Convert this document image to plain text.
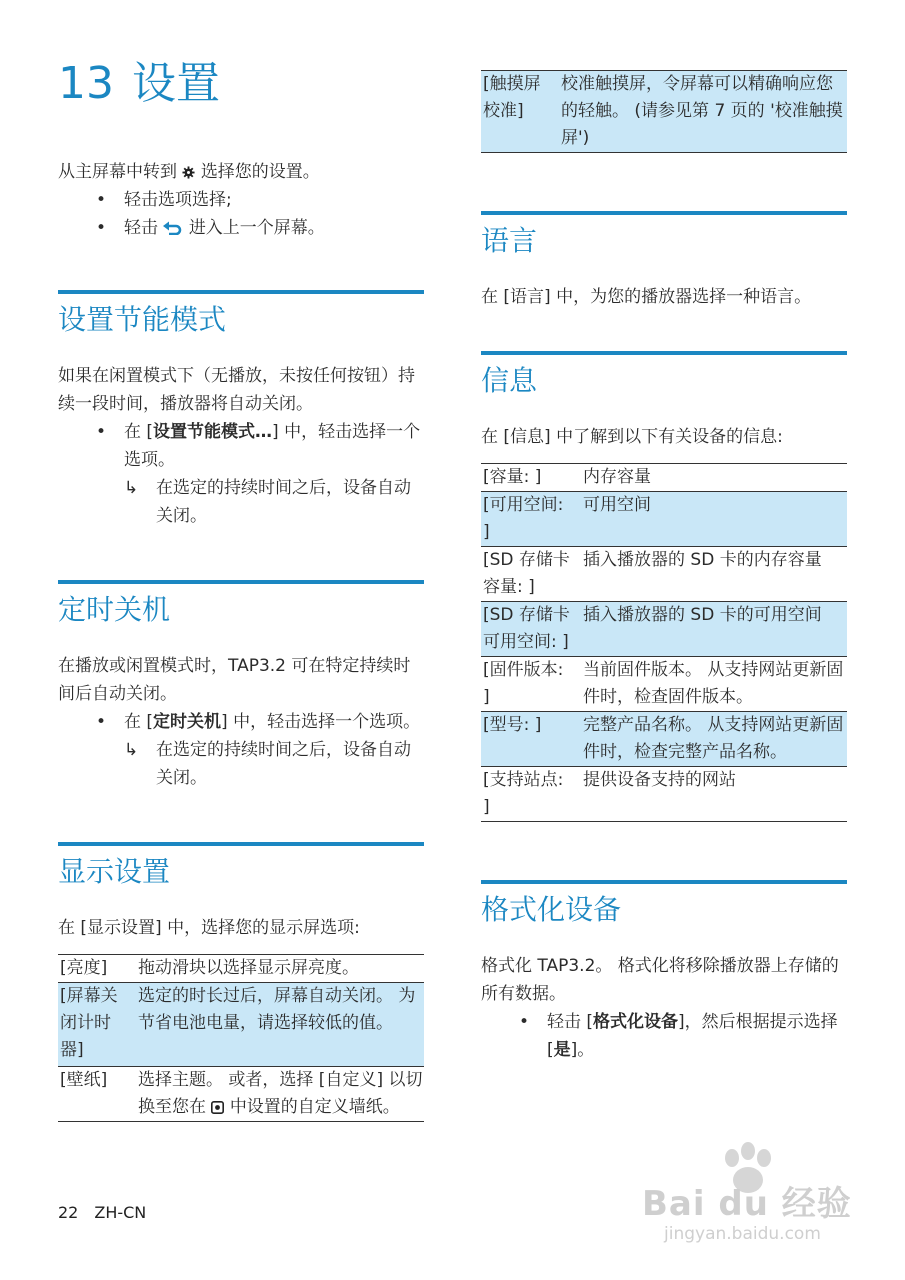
13 设置

从主屏幕中转到 选择您的设置。

• 轻击选项选择;
• 轻击 进入上一个屏幕。
设置节能模式

如果在闲置模式下（无播放，未按任何按钮）持续一段时间，播放器将自动关闭。

• 在 [设置节能模式…] 中，轻击选择一个选项。
↳ 在选定的持续时间之后，设备自动关闭。
定时关机

在播放或闲置模式时，TAP3.2 可在特定持续时间后自动关闭。

• 在 [定时关机] 中，轻击选择一个选项。
↳ 在选定的持续时间之后，设备自动关闭。
显示设置

在 [显示设置] 中，选择您的显示屏选项:

[亮度]	拖动滑块以选择显示屏亮度。
[屏幕关闭计时器]	选定的时长过后，屏幕自动关闭。 为节省电池电量，请选择较低的值。
[壁纸]	选择主题。 或者，选择 [自定义] 以切换至您在 中设置的自定义墙纸。
[触摸屏校准]	校准触摸屏，令屏幕可以精确响应您的轻触。 (请参见第 7 页的 '校准触摸屏')
语言

在 [语言] 中，为您的播放器选择一种语言。

信息

在 [信息] 中了解到以下有关设备的信息:

[容量: ]	内存容量
[可用空间: ]	可用空间
[SD 存储卡容量: ]	插入播放器的 SD 卡的内存容量
[SD 存储卡可用空间: ]	插入播放器的 SD 卡的可用空间
[固件版本: ]	当前固件版本。 从支持网站更新固件时，检查固件版本。
[型号: ]	完整产品名称。 从支持网站更新固件时，检查完整产品名称。
[支持站点: ]	提供设备支持的网站
格式化设备

格式化 TAP3.2。 格式化将移除播放器上存储的所有数据。

• 轻击 [格式化设备]，然后根据提示选择 [是]。
22 ZH-CN	Bai du 经验
jingyan.baidu.com
